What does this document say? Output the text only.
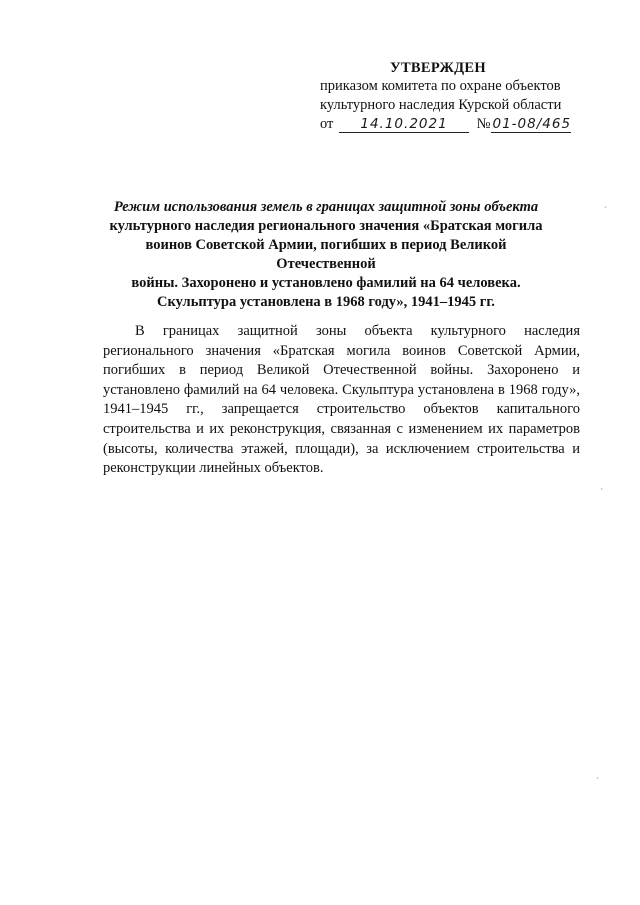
УТВЕРЖДЕН
приказом комитета по охране объектов
культурного наследия Курской области
от 14.10.2021 № 01-08/465
Режим использования земель в границах защитной зоны объекта
культурного наследия регионального значения «Братская могила
воинов Советской Армии, погибших в период Великой Отечественной
войны. Захоронено и установлено фамилий на 64 человека.
Скульптура установлена в 1968 году», 1941–1945 гг.

В границах защитной зоны объекта культурного наследия регионального значения «Братская могила воинов Советской Армии, погибших в период Великой Отечественной войны. Захоронено и установлено фамилий на 64 человека. Скульптура установлена в 1968 году», 1941–1945 гг., запрещается строительство объектов капитального строительства и их реконструкция, связанная с изменением их параметров (высоты, количества этажей, площади), за исключением строительства и реконструкции линейных объектов.

ˊ
ˊ
ˊ
